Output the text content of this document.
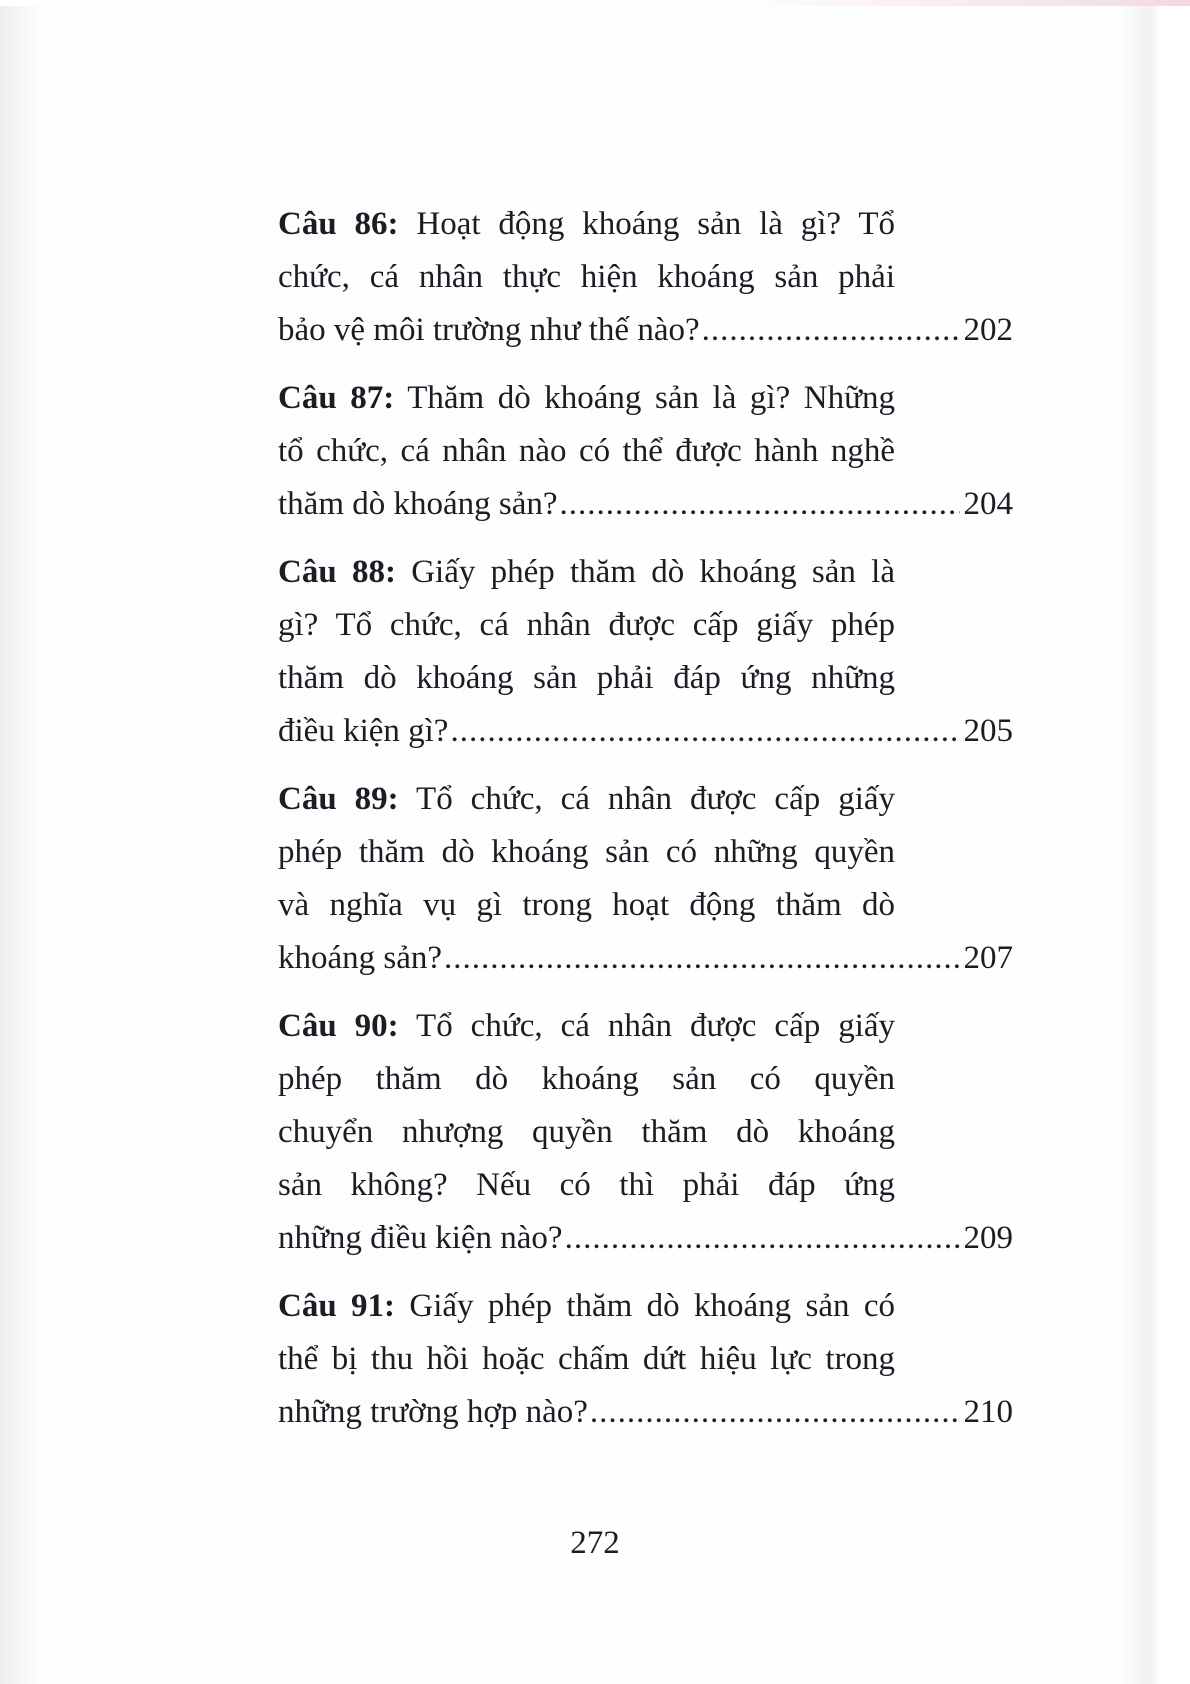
Câu 86: Hoạt động khoáng sản là gì? Tổ
chức, cá nhân thực hiện khoáng sản phải
bảo vệ môi trường như thế nào? .....	202
Câu 87: Thăm dò khoáng sản là gì? Những
tổ chức, cá nhân nào có thể được hành nghề
thăm dò khoáng sản? .....	204
Câu 88: Giấy phép thăm dò khoáng sản là
gì? Tổ chức, cá nhân được cấp giấy phép
thăm dò khoáng sản phải đáp ứng những
điều kiện gì? .....	205
Câu 89: Tổ chức, cá nhân được cấp giấy
phép thăm dò khoáng sản có những quyền
và nghĩa vụ gì trong hoạt động thăm dò
khoáng sản? .....	207
Câu 90: Tổ chức, cá nhân được cấp giấy
phép thăm dò khoáng sản có quyền
chuyển nhượng quyền thăm dò khoáng
sản không? Nếu có thì phải đáp ứng
những điều kiện nào? .....	209
Câu 91: Giấy phép thăm dò khoáng sản có
thể bị thu hồi hoặc chấm dứt hiệu lực trong
những trường hợp nào? .....	210
272
